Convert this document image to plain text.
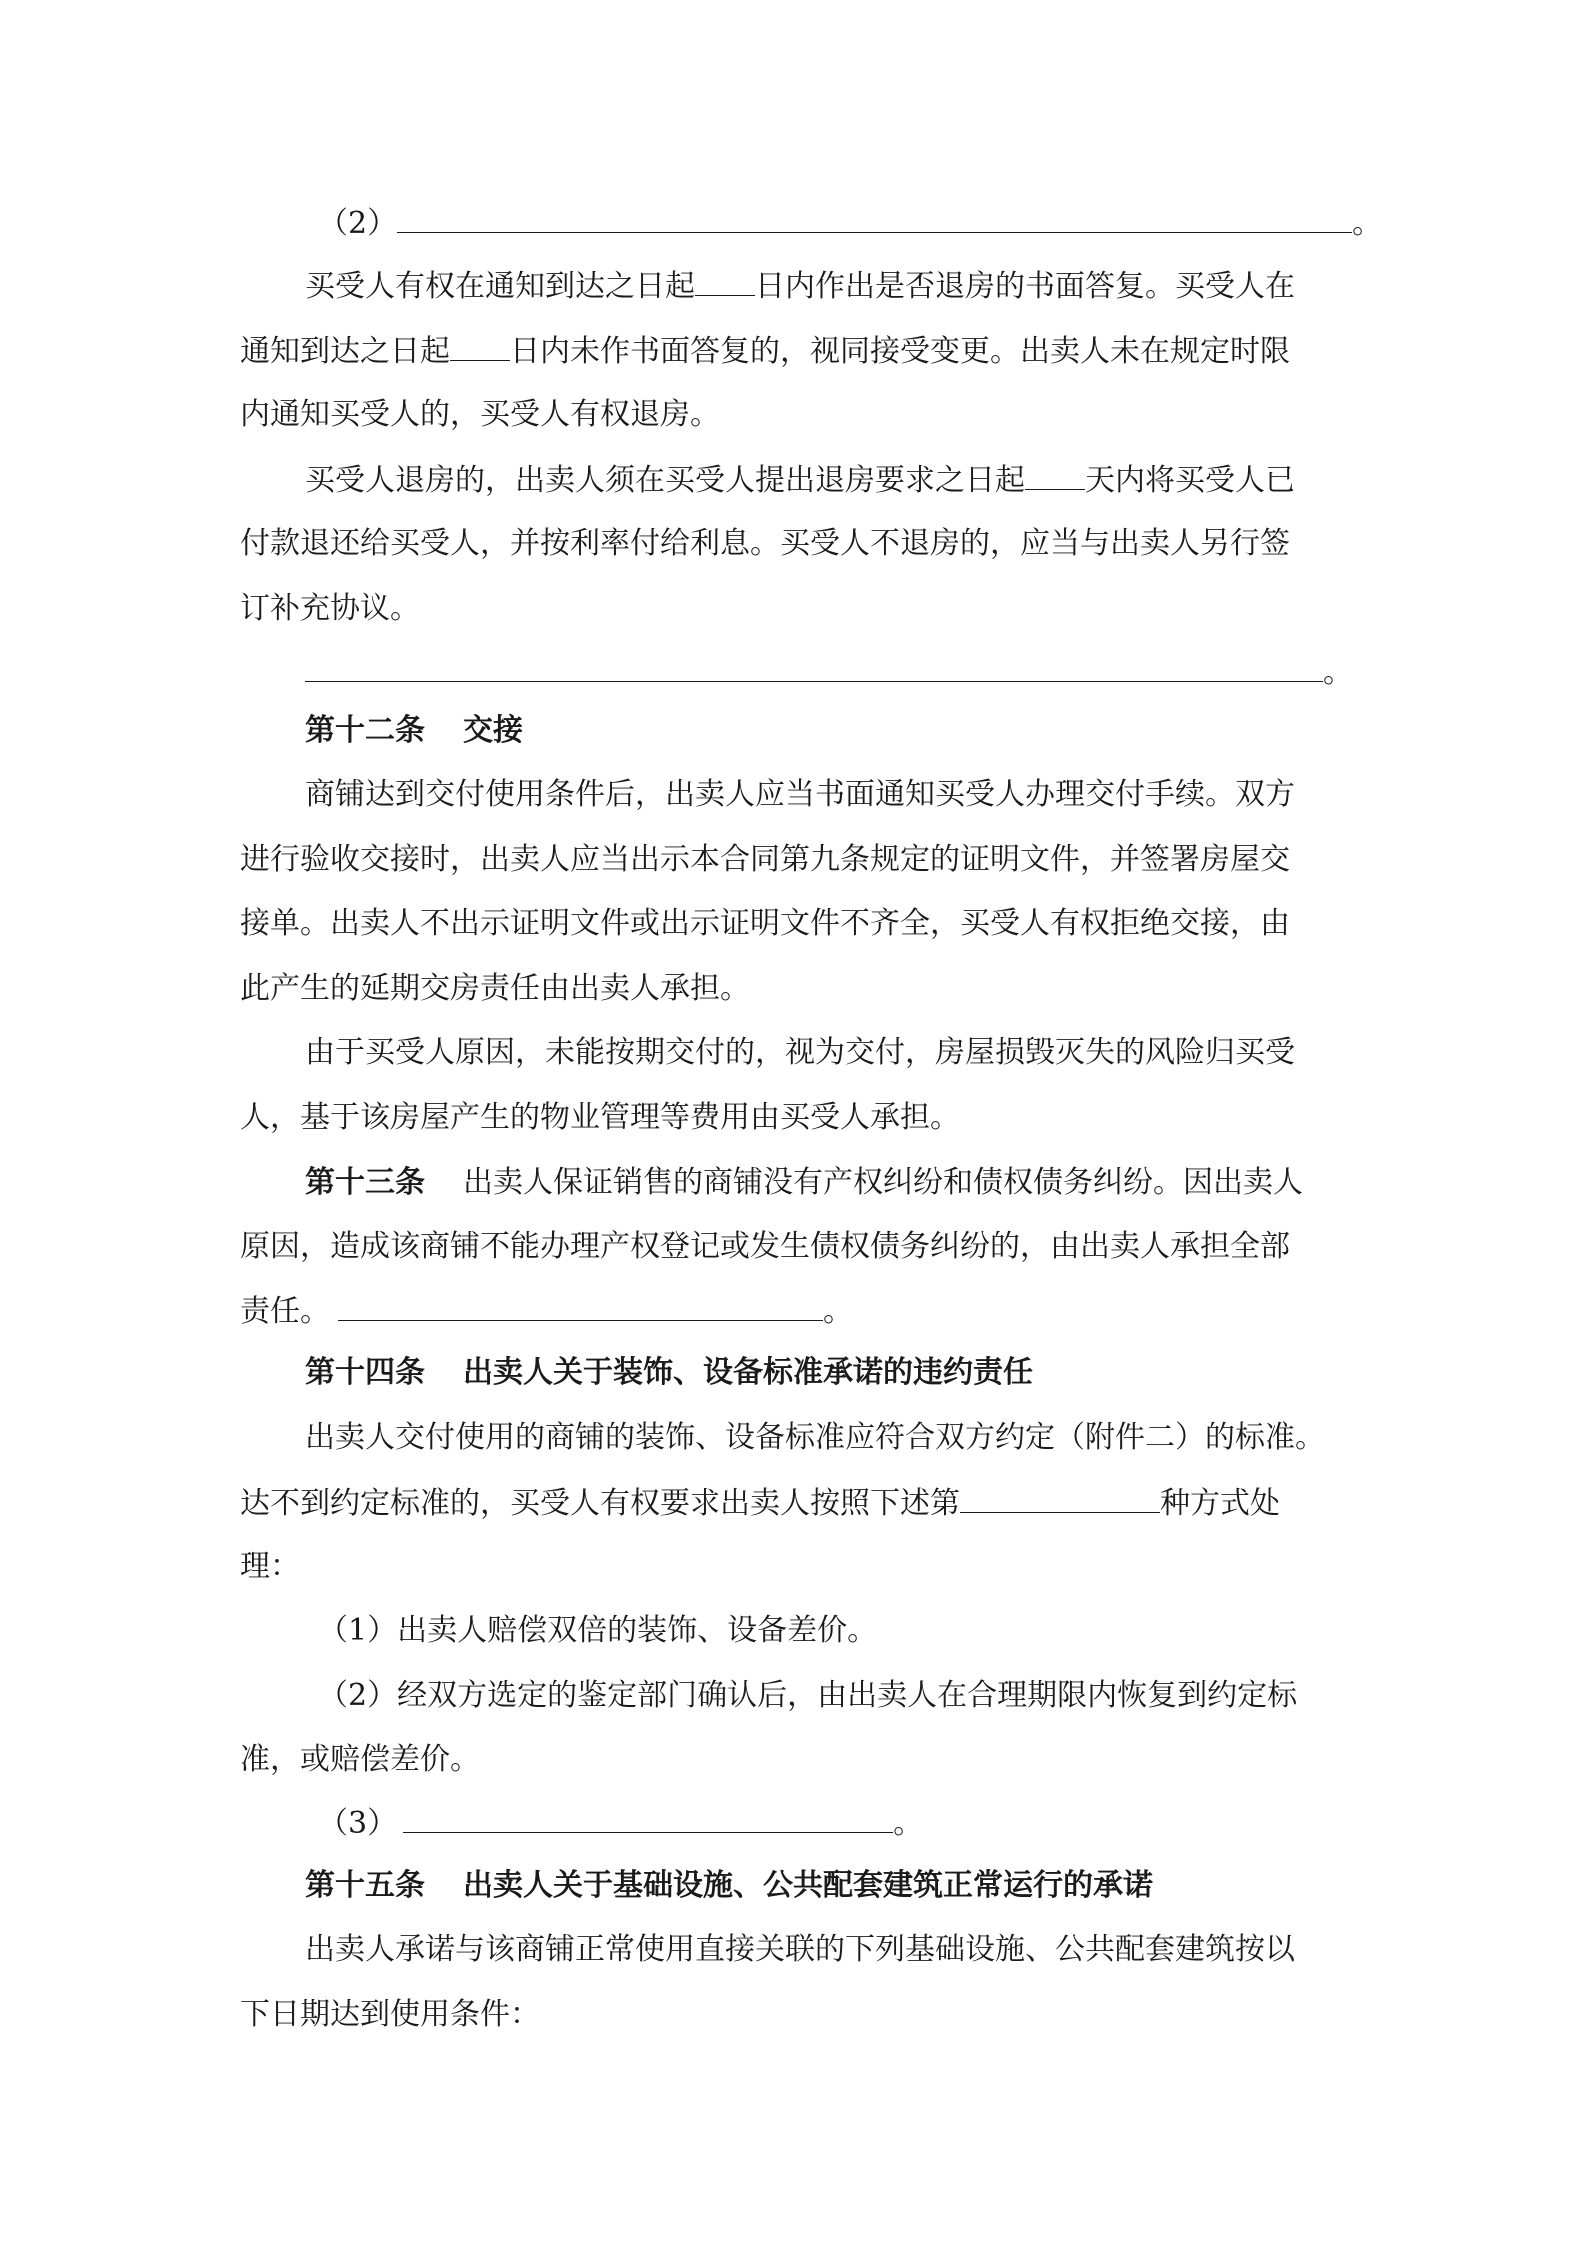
（2）	。
买受人有权在通知到达之日起 日内作出是否退房的书面答复。买受人在
通知到达之日起 日内未作书面答复的，视同接受变更。出卖人未在规定时限
内通知买受人的，买受人有权退房。
买受人退房的，出卖人须在买受人提出退房要求之日起 天内将买受人已
付款退还给买受人，并按利率付给利息。买受人不退房的，应当与出卖人另行签
订补充协议。
。
第十二条 交接
商铺达到交付使用条件后，出卖人应当书面通知买受人办理交付手续。双方
进行验收交接时，出卖人应当出示本合同第九条规定的证明文件，并签署房屋交
接单。出卖人不出示证明文件或出示证明文件不齐全，买受人有权拒绝交接，由
此产生的延期交房责任由出卖人承担。
由于买受人原因，未能按期交付的，视为交付，房屋损毁灭失的风险归买受
人，基于该房屋产生的物业管理等费用由买受人承担。
第十三条 出卖人保证销售的商铺没有产权纠纷和债权债务纠纷。因出卖人
原因，造成该商铺不能办理产权登记或发生债权债务纠纷的，由出卖人承担全部
责任。	。
第十四条 出卖人关于装饰、设备标准承诺的违约责任
出卖人交付使用的商铺的装饰、设备标准应符合双方约定（附件二）的标准。
达不到约定标准的，买受人有权要求出卖人按照下述第	种方式处
理：
（1）出卖人赔偿双倍的装饰、设备差价。
（2）经双方选定的鉴定部门确认后，由出卖人在合理期限内恢复到约定标
准，或赔偿差价。
（3）	。
第十五条 出卖人关于基础设施、公共配套建筑正常运行的承诺
出卖人承诺与该商铺正常使用直接关联的下列基础设施、公共配套建筑按以
下日期达到使用条件：
